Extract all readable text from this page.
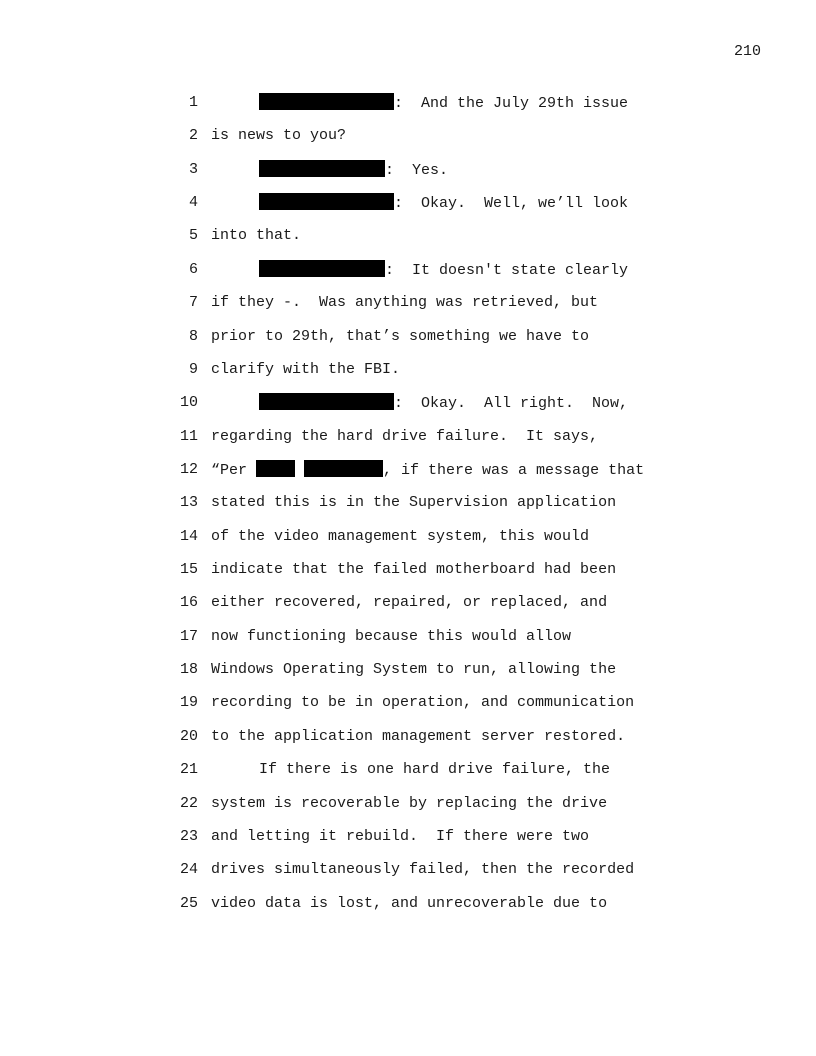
210
1	:  And the July 29th issue
2 is news to you?
3	:  Yes.
4	:  Okay.  Well, we’ll look
5 into that.
6	:  It doesn't state clearly
7 if they -.  Was anything was retrieved, but
8 prior to 29th, that’s something we have to
9 clarify with the FBI.
10	:  Okay.  All right.  Now,
11 regarding the hard drive failure.  It says,
12 “Per	, if there was a message that
13 stated this is in the Supervision application
14 of the video management system, this would
15 indicate that the failed motherboard had been
16 either recovered, repaired, or replaced, and
17 now functioning because this would allow
18 Windows Operating System to run, allowing the
19 recording to be in operation, and communication
20 to the application management server restored.
21	If there is one hard drive failure, the
22 system is recoverable by replacing the drive
23 and letting it rebuild.  If there were two
24 drives simultaneously failed, then the recorded
25 video data is lost, and unrecoverable due to
